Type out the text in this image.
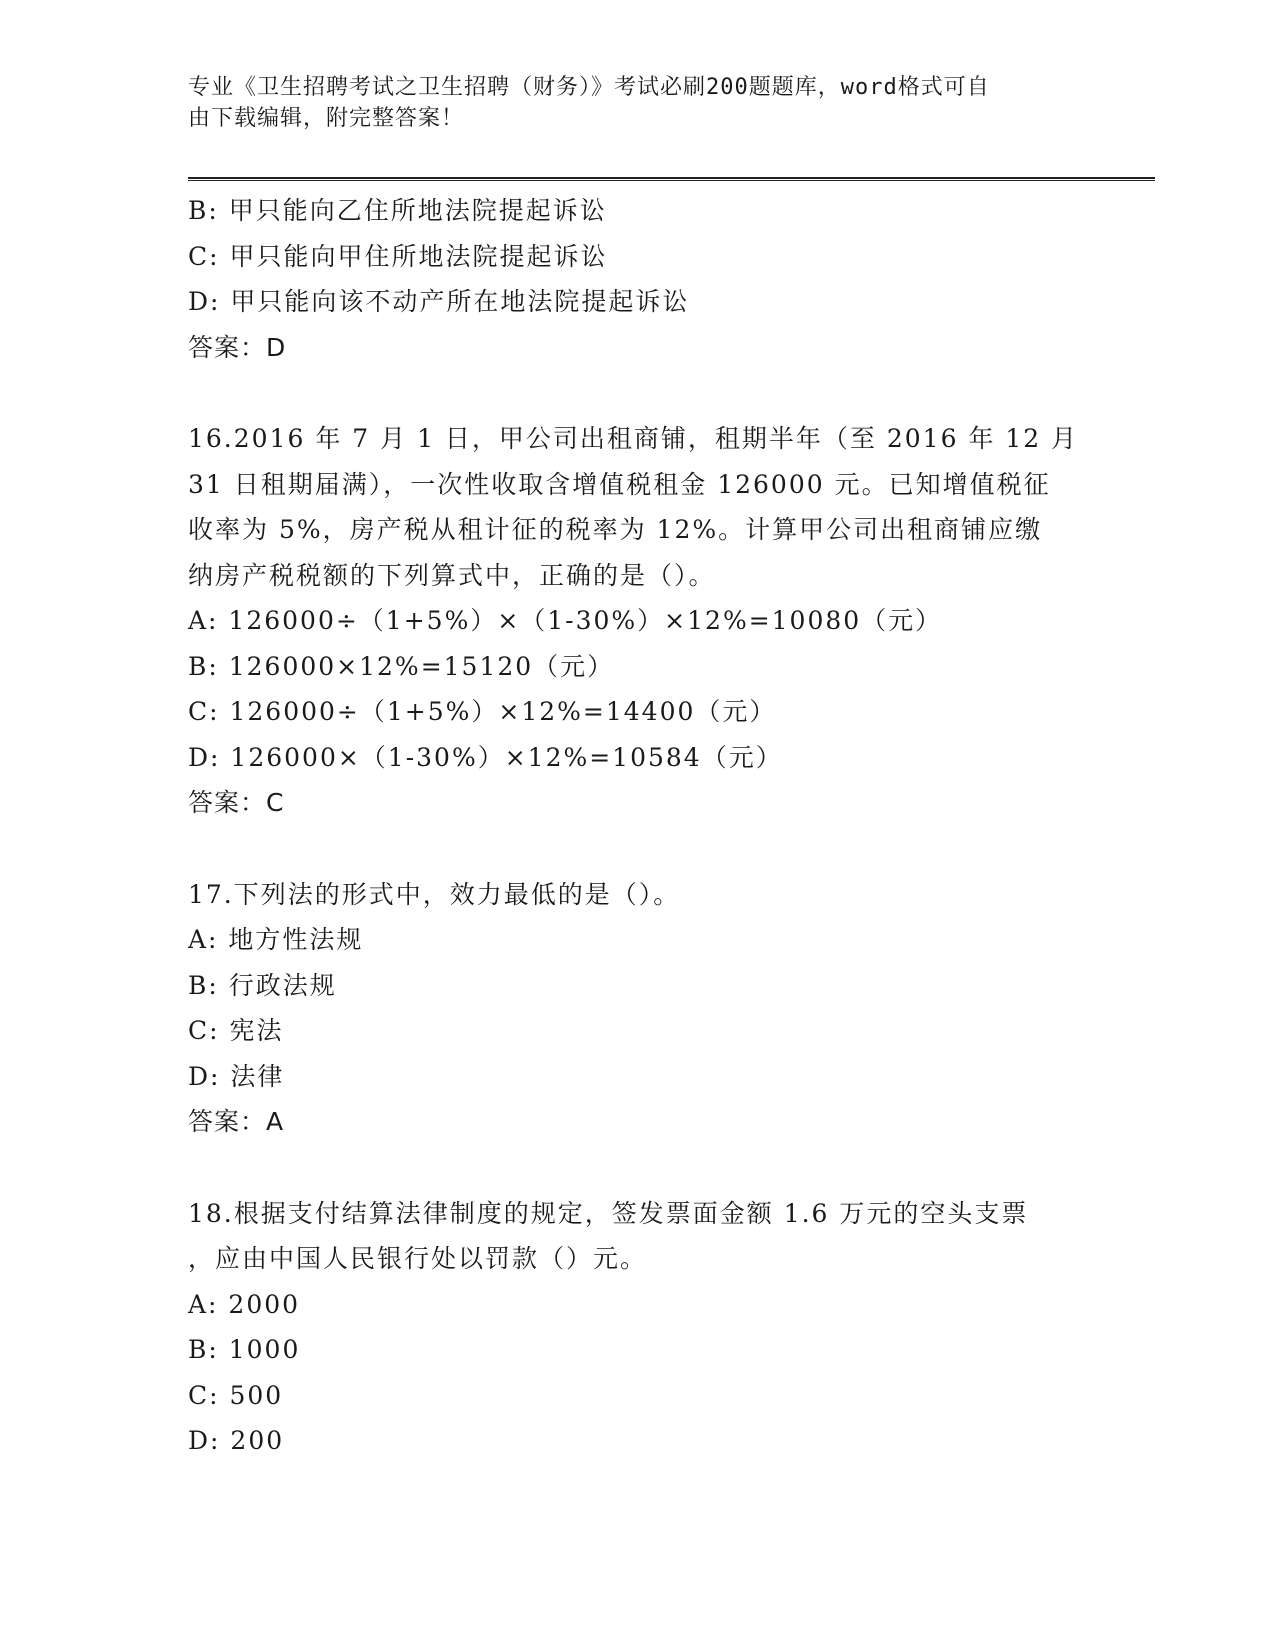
专业《卫生招聘考试之卫生招聘（财务）》考试必刷200题题库，word格式可自
由下载编辑，附完整答案！
B: 甲只能向乙住所地法院提起诉讼
C: 甲只能向甲住所地法院提起诉讼
D: 甲只能向该不动产所在地法院提起诉讼
答案：D
16.2016 年 7 月 1 日，甲公司出租商铺，租期半年（至 2016 年 12 月
31 日租期届满），一次性收取含增值税租金 126000 元。已知增值税征
收率为 5%，房产税从租计征的税率为 12%。计算甲公司出租商铺应缴
纳房产税税额的下列算式中，正确的是（）。
A: 126000÷（1+5%）×（1-30%）×12%=10080（元）
B: 126000×12%=15120（元）
C: 126000÷（1+5%）×12%=14400（元）
D: 126000×（1-30%）×12%=10584（元）
答案：C
17.下列法的形式中，效力最低的是（）。
A: 地方性法规
B: 行政法规
C: 宪法
D: 法律
答案：A
18.根据支付结算法律制度的规定，签发票面金额 1.6 万元的空头支票
，应由中国人民银行处以罚款（）元。
A: 2000
B: 1000
C: 500
D: 200
